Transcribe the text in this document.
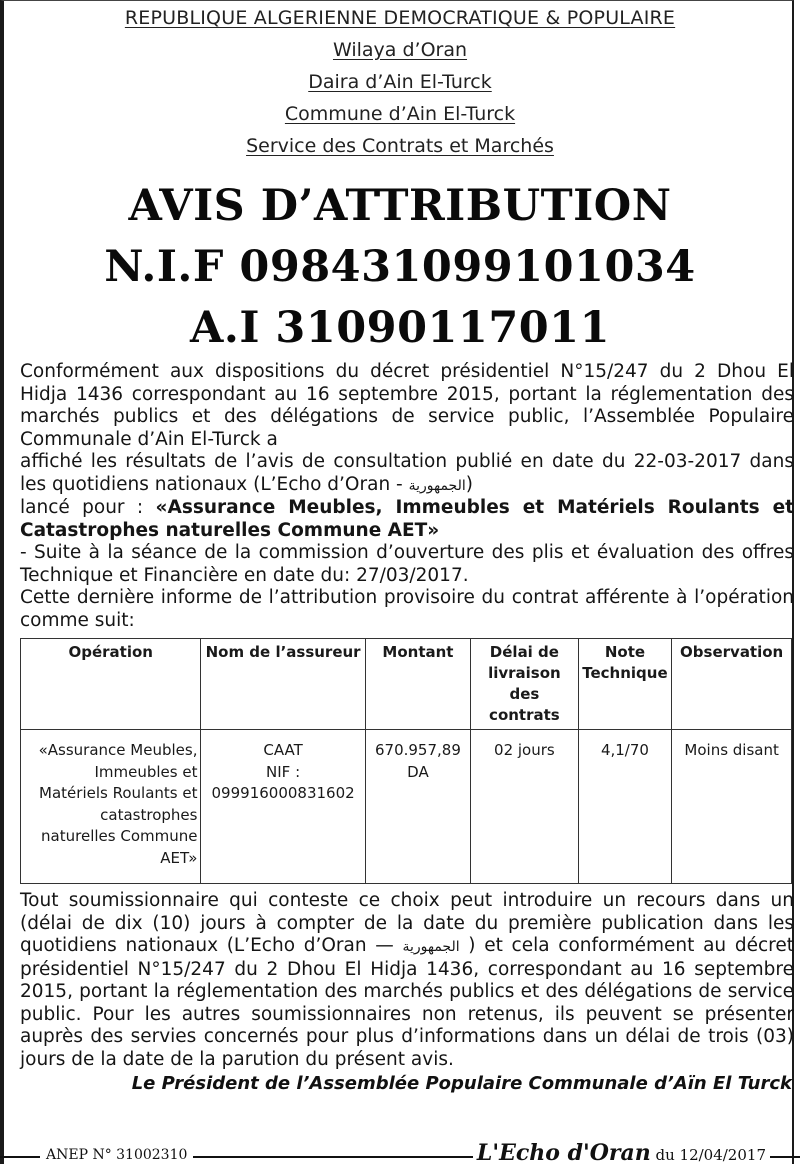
REPUBLIQUE ALGERIENNE DEMOCRATIQUE & POPULAIRE
Wilaya d’Oran
Daira d’Ain El-Turck
Commune d’Ain El-Turck
Service des Contrats et Marchés
AVIS D’ATTRIBUTION
N.I.F 098431099101034
A.I 31090117011

Conformément aux dispositions du décret présidentiel N°15/247 du 2 Dhou El Hidja 1436 correspondant au 16 septembre 2015, portant la réglementation des marchés publics et des délégations de service public, l’Assemblée Populaire Communale d’Ain El-Turck a

affiché les résultats de l’avis de consultation publié en date du 22-03-2017 dans les quotidiens nationaux (L’Echo d’Oran - الجمهورية)

lancé pour : «Assurance Meubles, Immeubles et Matériels Roulants et Catastrophes naturelles Commune AET»

- Suite à la séance de la commission d’ouverture des plis et évaluation des offres Technique et Financière en date du: 27/03/2017.

Cette dernière informe de l’attribution provisoire du contrat afférente à l’opération comme suit:

Opération	Nom de l’assureur	Montant	Délai de livraison des contrats	Note Technique	Observation
«Assurance Meubles, Immeubles et Matériels Roulants et catastrophes naturelles Commune AET»	CAAT
NIF :
099916000831602	670.957,89 DA	02 jours	4,1/70	Moins disant

Tout soumissionnaire qui conteste ce choix peut introduire un recours dans un (délai de dix (10) jours à compter de la date du première publication dans les quotidiens nationaux (L’Echo d’Oran — الجمهورية ) et cela conformément au décret présidentiel N°15/247 du 2 Dhou El Hidja 1436, correspondant au 16 septembre 2015, portant la réglementation des marchés publics et des délégations de service public. Pour les autres soumissionnaires non retenus, ils peuvent se présenter auprès des servies concernés pour plus d’informations dans un délai de trois (03) jours de la date de la parution du présent avis.

Le Président de l’Assemblée Populaire Communale d’Aïn El Turck
ANEP N° 31002310	L'Echo d'Oran du 12/04/2017
